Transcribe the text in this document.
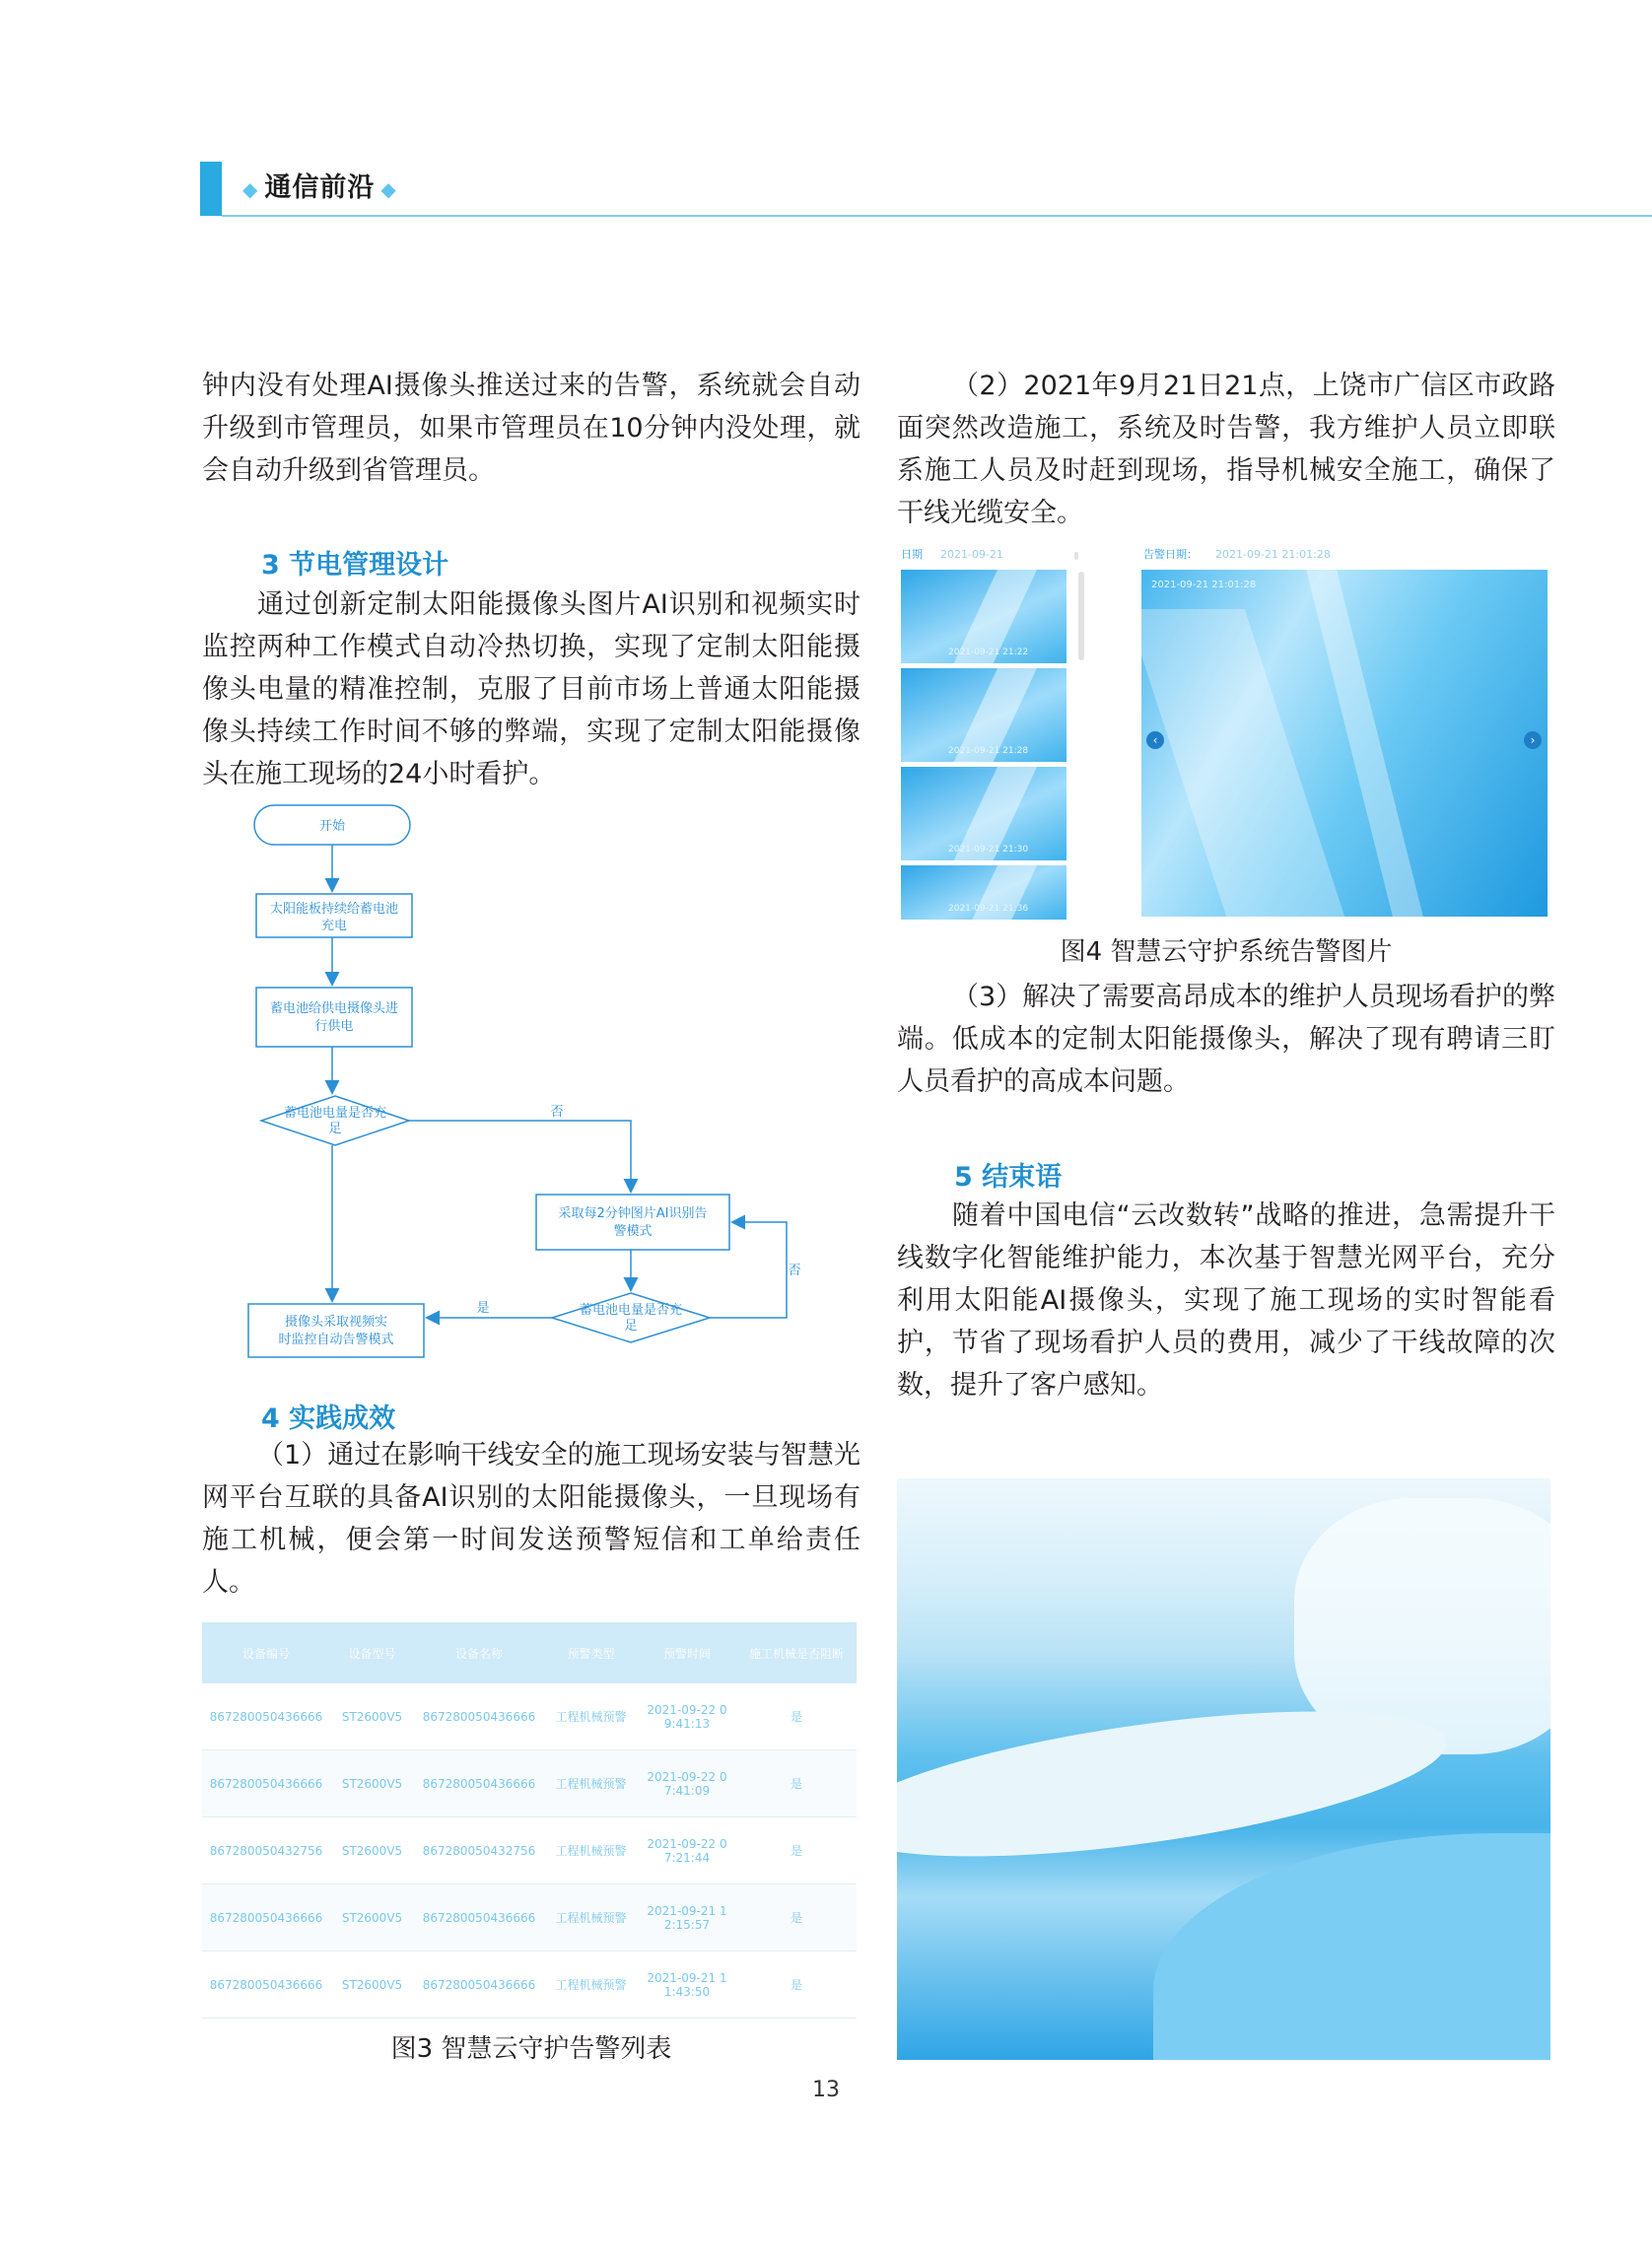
◆ 通信前沿 ◆

钟内没有处理AI摄像头推送过来的告警，系统就会自动升级到市管理员，如果市管理员在10分钟内没处理，就会自动升级到省管理员。

3 节电管理设计

通过创新定制太阳能摄像头图片AI识别和视频实时监控两种工作模式自动冷热切换，实现了定制太阳能摄像头电量的精准控制，克服了目前市场上普通太阳能摄像头持续工作时间不够的弊端，实现了定制太阳能摄像头在施工现场的24小时看护。

开始
太阳能板持续给蓄电池
充电
蓄电池给供电摄像头进
行供电
蓄电池电量是否充
足
采取每2分钟图片AI识别告
警模式
蓄电池电量是否充
足
摄像头采取视频实
时监控自动告警模式
否
否
是
4 实践成效

（1）通过在影响干线安全的施工现场安装与智慧光网平台互联的具备AI识别的太阳能摄像头，一旦现场有施工机械，便会第一时间发送预警短信和工单给责任人。

设备编号	设备型号	设备名称	预警类型	预警时间	施工机械是否阻断
867280050436666	ST2600V5	867280050436666	工程机械预警	2021-09-22 09:41:13	是
867280050436666	ST2600V5	867280050436666	工程机械预警	2021-09-22 07:41:09	是
867280050432756	ST2600V5	867280050432756	工程机械预警	2021-09-22 07:21:44	是
867280050436666	ST2600V5	867280050436666	工程机械预警	2021-09-21 12:15:57	是
867280050436666	ST2600V5	867280050436666	工程机械预警	2021-09-21 11:43:50	是

图3 智慧云守护告警列表

（2）2021年9月21日21点，上饶市广信区市政路面突然改造施工，系统及时告警，我方维护人员立即联系施工人员及时赶到现场，指导机械安全施工，确保了干线光缆安全。

日期 2021-09-21	告警日期： 2021-09-21 21:01:28
2021-09-21 21:22
2021-09-21 21:28
2021-09-21 21:30
2021-09-21 21:36
2021-09-21 21:01:28
‹	›

图4 智慧云守护系统告警图片

（3）解决了需要高昂成本的维护人员现场看护的弊端。低成本的定制太阳能摄像头，解决了现有聘请三盯人员看护的高成本问题。

5 结束语

随着中国电信“云改数转”战略的推进，急需提升干线数字化智能维护能力，本次基于智慧光网平台，充分利用太阳能AI摄像头，实现了施工现场的实时智能看护，节省了现场看护人员的费用，减少了干线故障的次数，提升了客户感知。

13
